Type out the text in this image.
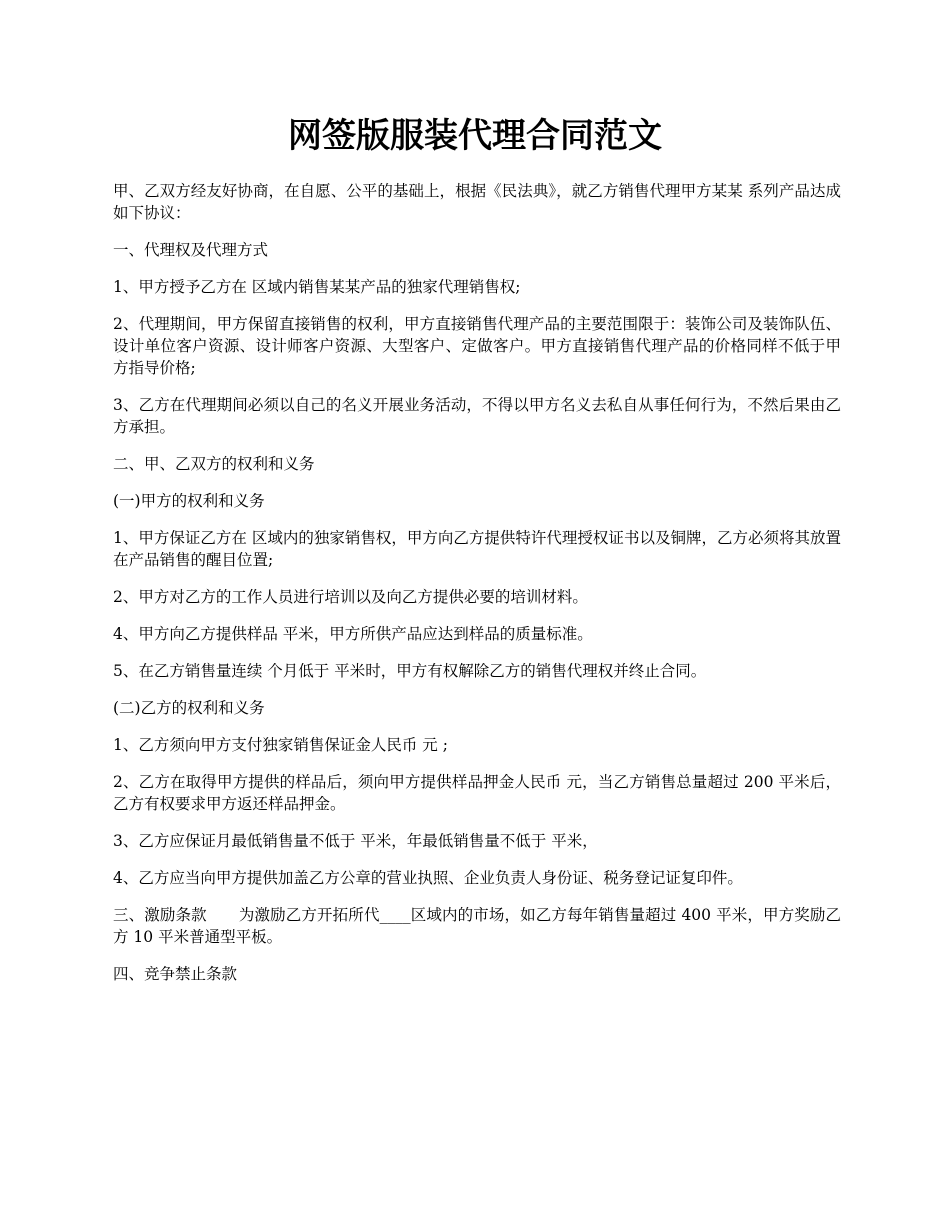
网签版服装代理合同范文

甲、乙双方经友好协商，在自愿、公平的基础上，根据《民法典》，就乙方销售代理甲方某某 系列产品达成如下协议：

一、代理权及代理方式

1、甲方授予乙方在 区域内销售某某产品的独家代理销售权;

2、代理期间，甲方保留直接销售的权利，甲方直接销售代理产品的主要范围限于：装饰公司及装饰队伍、设计单位客户资源、设计师客户资源、大型客户、定做客户。甲方直接销售代理产品的价格同样不低于甲方指导价格;

3、乙方在代理期间必须以自己的名义开展业务活动，不得以甲方名义去私自从事任何行为，不然后果由乙方承担。

二、甲、乙双方的权利和义务

(一)甲方的权利和义务

1、甲方保证乙方在 区域内的独家销售权，甲方向乙方提供特许代理授权证书以及铜牌，乙方必须将其放置在产品销售的醒目位置;

2、甲方对乙方的工作人员进行培训以及向乙方提供必要的培训材料。

4、甲方向乙方提供样品 平米，甲方所供产品应达到样品的质量标准。

5、在乙方销售量连续 个月低于 平米时，甲方有权解除乙方的销售代理权并终止合同。

(二)乙方的权利和义务

1、乙方须向甲方支付独家销售保证金人民币 元 ;

2、乙方在取得甲方提供的样品后，须向甲方提供样品押金人民币 元，当乙方销售总量超过 200 平米后，乙方有权要求甲方返还样品押金。

3、乙方应保证月最低销售量不低于 平米，年最低销售量不低于 平米，

4、乙方应当向甲方提供加盖乙方公章的营业执照、企业负责人身份证、税务登记证复印件。

三、激励条款 为激励乙方开拓所代____区域内的市场，如乙方每年销售量超过 400 平米，甲方奖励乙方 10 平米普通型平板。

四、竞争禁止条款
